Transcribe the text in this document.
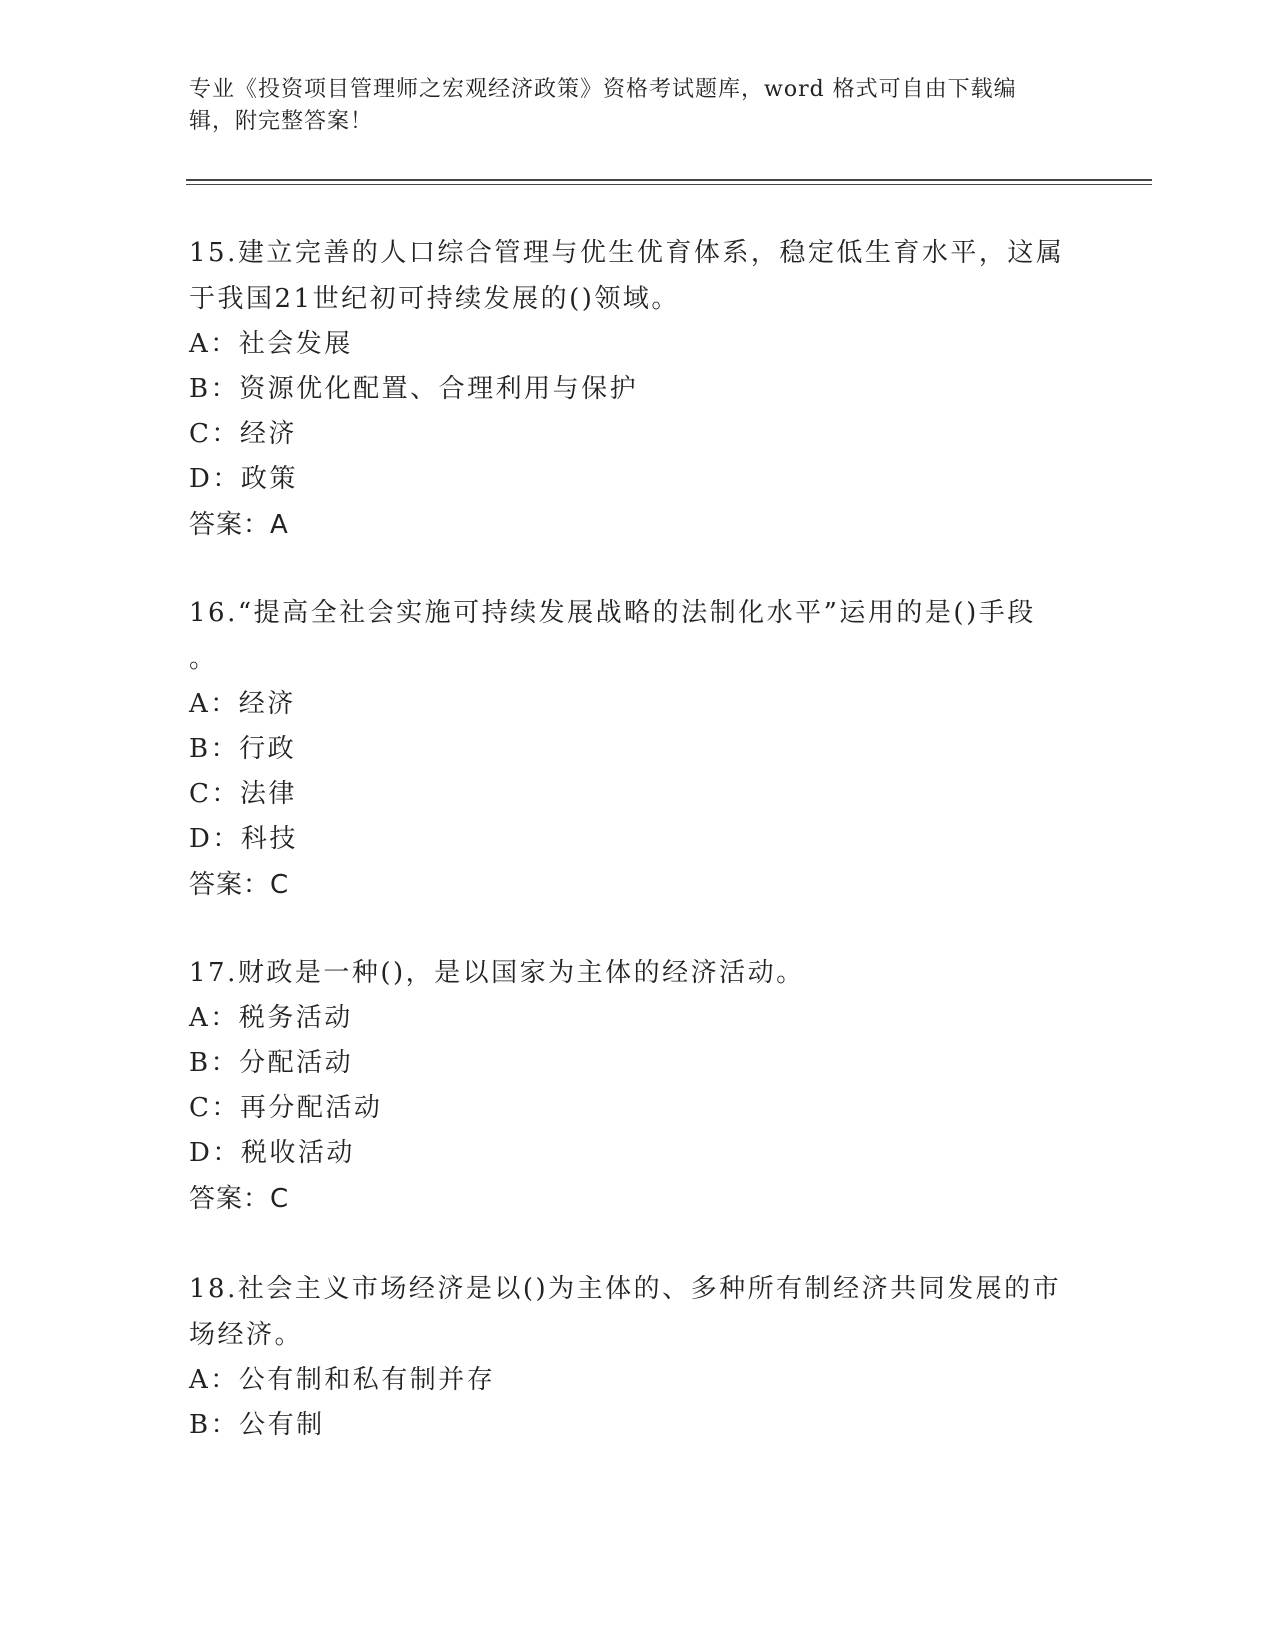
专业《投资项目管理师之宏观经济政策》资格考试题库，word 格式可自由下载编
辑，附完整答案！
15.建立完善的人口综合管理与优生优育体系，稳定低生育水平，这属
于我国21世纪初可持续发展的()领域。
A：社会发展
B：资源优化配置、合理利用与保护
C：经济
D：政策
答案：A
16.“提高全社会实施可持续发展战略的法制化水平”运用的是()手段
。
A：经济
B：行政
C：法律
D：科技
答案：C
17.财政是一种()，是以国家为主体的经济活动。
A：税务活动
B：分配活动
C：再分配活动
D：税收活动
答案：C
18.社会主义市场经济是以()为主体的、多种所有制经济共同发展的市
场经济。
A：公有制和私有制并存
B：公有制
